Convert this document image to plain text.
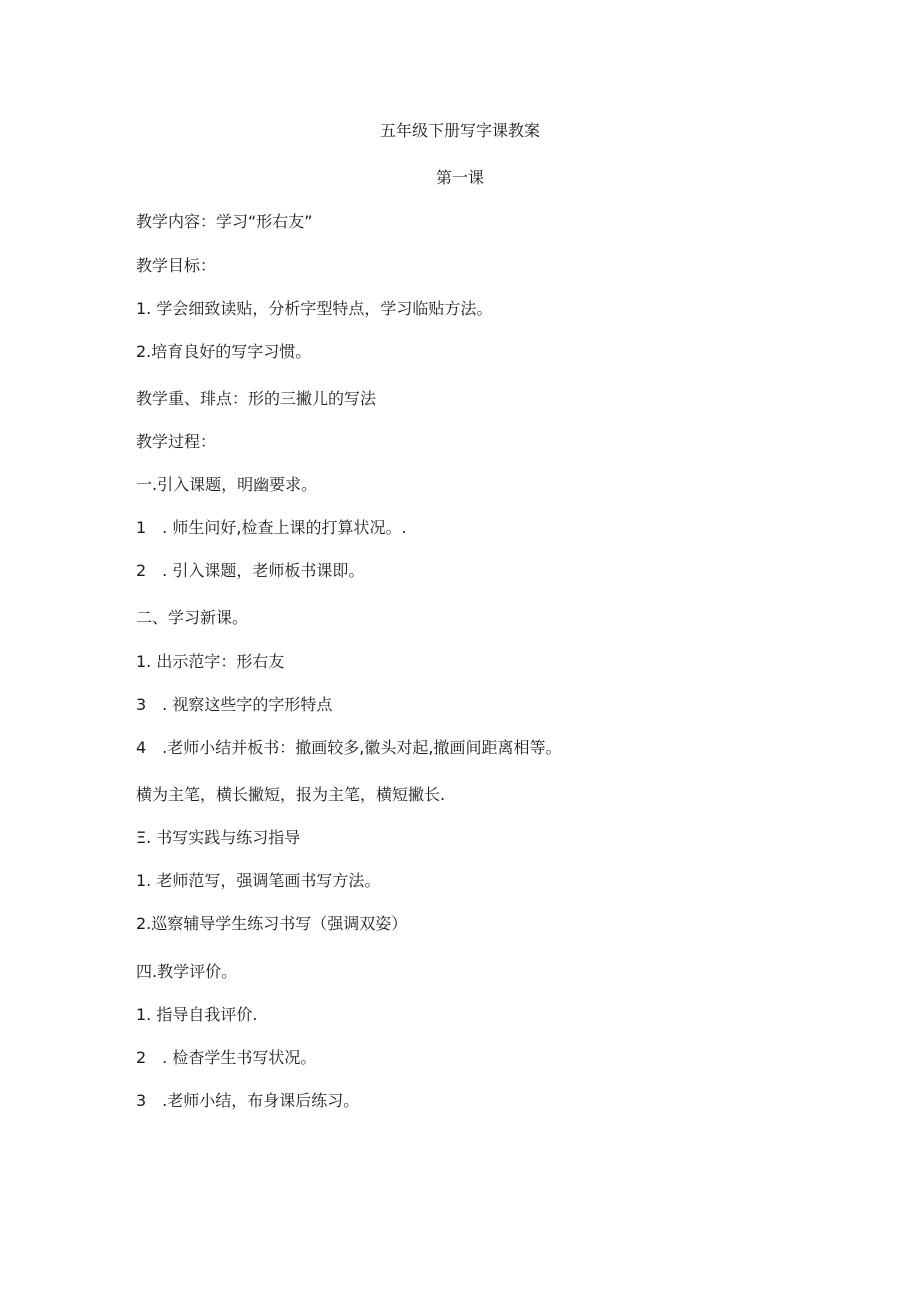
五年级下册写字课教案
第一课
教学内容：学习“形右友”
教学目标：
1. 学会细致读贴，分析字型特点，学习临贴方法。
2.培育良好的写字习惯。
教学重、琲点：形的三撇儿的写法
教学过程：
一.引入课题，明幽要求。
1　. 师生问好,检查上课的打算状况。.
2　. 引入课题，老师板书课即。
二、学习新课。
1. 出示范字：形右友
3　. 视察这些字的字形特点
4　.老师小结并板书：撤画较多,徽头对起,撤画间距离相等。
横为主笔，横长撇短，报为主笔，横短撇长.
Ξ. 书写实践与练习指导
1. 老师范写，强调笔画书写方法。
2.巡察辅导学生练习书写（强调双姿）
四.教学评价。
1. 指导自我评价.
2　. 检杳学生书写状况。
3　.老师小结，布身课后练习。
